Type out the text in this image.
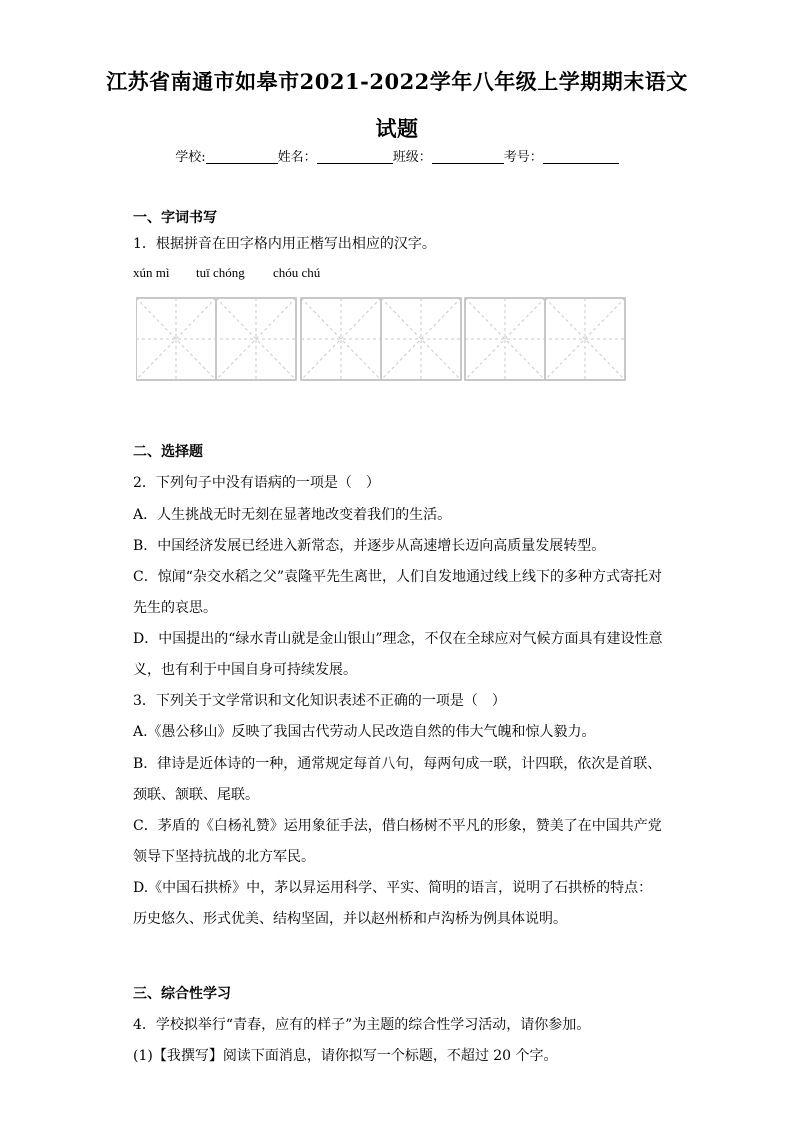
江苏省南通市如皋市2021-2022学年八年级上学期期末语文
试题
学校:	姓名：	班级：	考号：
一、字词书写
1．根据拼音在田字格内用正楷写出相应的汉字。
xún mì tuī chóng chóu chú
二、选择题
2．下列句子中没有语病的一项是（　）
A．人生挑战无时无刻在显著地改变着我们的生活。
B．中国经济发展已经进入新常态，并逐步从高速增长迈向高质量发展转型。
C．惊闻“杂交水稻之父”袁隆平先生离世，人们自发地通过线上线下的多种方式寄托对
先生的哀思。
D．中国提出的“绿水青山就是金山银山”理念，不仅在全球应对气候方面具有建设性意
义，也有利于中国自身可持续发展。
3．下列关于文学常识和文化知识表述不正确的一项是（　）
A.《愚公移山》反映了我国古代劳动人民改造自然的伟大气魄和惊人毅力。
B．律诗是近体诗的一种，通常规定每首八句，每两句成一联，计四联，依次是首联、
颈联、颔联、尾联。
C．茅盾的《白杨礼赞》运用象征手法，借白杨树不平凡的形象，赞美了在中国共产党
领导下坚持抗战的北方军民。
D.《中国石拱桥》中，茅以昇运用科学、平实、简明的语言，说明了石拱桥的特点：
历史悠久、形式优美、结构坚固，并以赵州桥和卢沟桥为例具体说明。
三、综合性学习
4．学校拟举行“青春，应有的样子”为主题的综合性学习活动，请你参加。
(1)【我撰写】阅读下面消息，请你拟写一个标题，不超过 20 个字。
